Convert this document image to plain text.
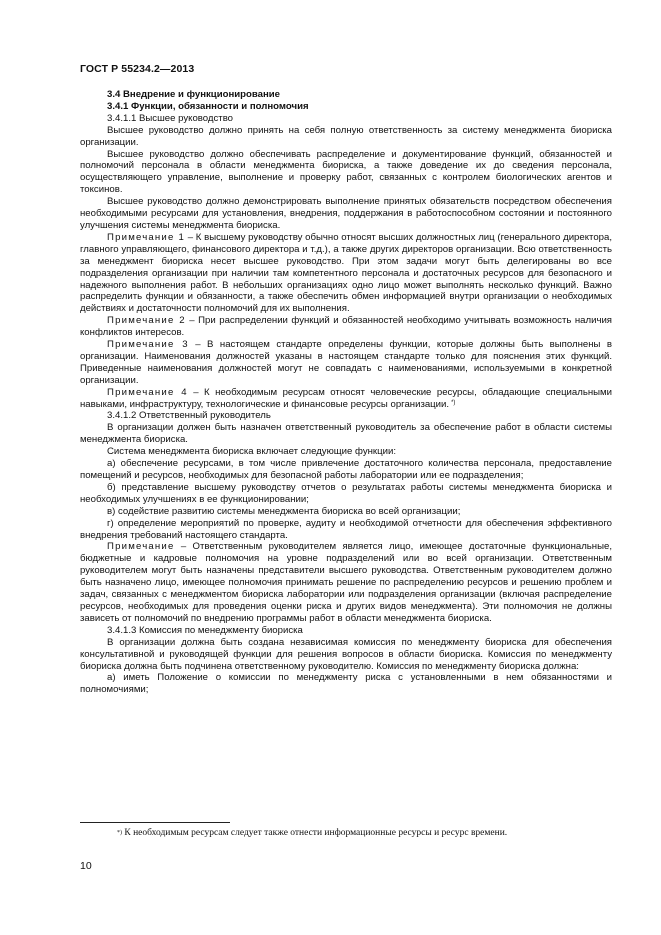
ГОСТ Р 55234.2—2013

3.4 Внедрение и функционирование

3.4.1 Функции, обязанности и полномочия

3.4.1.1 Высшее руководство

Высшее руководство должно принять на себя полную ответственность за систему менеджмента биориска организации.

Высшее руководство должно обеспечивать распределение и документирование функций, обязанностей и полномочий персонала в области менеджмента биориска, а также доведение их до сведения персонала, осуществляющего управление, выполнение и проверку работ, связанных с контролем биологических агентов и токсинов.

Высшее руководство должно демонстрировать выполнение принятых обязательств посредством обеспечения необходимыми ресурсами для установления, внедрения, поддержания в работоспособном состоянии и постоянного улучшения системы менеджмента биориска.

Примечание 1 – К высшему руководству обычно относят высших должностных лиц (генерального директора, главного управляющего, финансового директора и т.д.), а также других директоров организации. Всю ответственность за менеджмент биориска несет высшее руководство. При этом задачи могут быть делегированы во все подразделения организации при наличии там компетентного персонала и достаточных ресурсов для безопасного и надежного выполнения работ. В небольших организациях одно лицо может выполнять несколько функций. Важно распределить функции и обязанности, а также обеспечить обмен информацией внутри организации о необходимых действиях и достаточности полномочий для их выполнения.

Примечание 2 – При распределении функций и обязанностей необходимо учитывать возможность наличия конфликтов интересов.

Примечание 3 – В настоящем стандарте определены функции, которые должны быть выполнены в организации. Наименования должностей указаны в настоящем стандарте только для пояснения этих функций. Приведенные наименования должностей могут не совпадать с наименованиями, используемыми в конкретной организации.

Примечание 4 – К необходимым ресурсам относят человеческие ресурсы, обладающие специальными навыками, инфраструктуру, технологические и финансовые ресурсы организации. *)

3.4.1.2 Ответственный руководитель

В организации должен быть назначен ответственный руководитель за обеспечение работ в области системы менеджмента биориска.

Система менеджмента биориска включает следующие функции:

а) обеспечение ресурсами, в том числе привлечение достаточного количества персонала, предоставление помещений и ресурсов, необходимых для безопасной работы лаборатории или ее подразделения;

б) представление высшему руководству отчетов о результатах работы системы менеджмента биориска и необходимых улучшениях в ее функционировании;

в) содействие развитию системы менеджмента биориска во всей организации;

г) определение мероприятий по проверке, аудиту и необходимой отчетности для обеспечения эффективного внедрения требований настоящего стандарта.

Примечание – Ответственным руководителем является лицо, имеющее достаточные функциональные, бюджетные и кадровые полномочия на уровне подразделений или во всей организации. Ответственным руководителем могут быть назначены представители высшего руководства. Ответственным руководителем должно быть назначено лицо, имеющее полномочия принимать решение по распределению ресурсов и решению проблем и задач, связанных с менеджментом биориска лаборатории или подразделения организации (включая распределение ресурсов, необходимых для проведения оценки риска и других видов менеджмента). Эти полномочия не должны зависеть от полномочий по внедрению программы работ в области менеджмента биориска.

3.4.1.3 Комиссия по менеджменту биориска

В организации должна быть создана независимая комиссия по менеджменту биориска для обеспечения консультативной и руководящей функции для решения вопросов в области биориска. Комиссия по менеджменту биориска должна быть подчинена ответственному руководителю. Комиссия по менеджменту биориска должна:

а) иметь Положение о комиссии по менеджменту риска с установленными в нем обязанностями и полномочиями;

*) К необходимым ресурсам следует также отнести информационные ресурсы и ресурс времени.
10
